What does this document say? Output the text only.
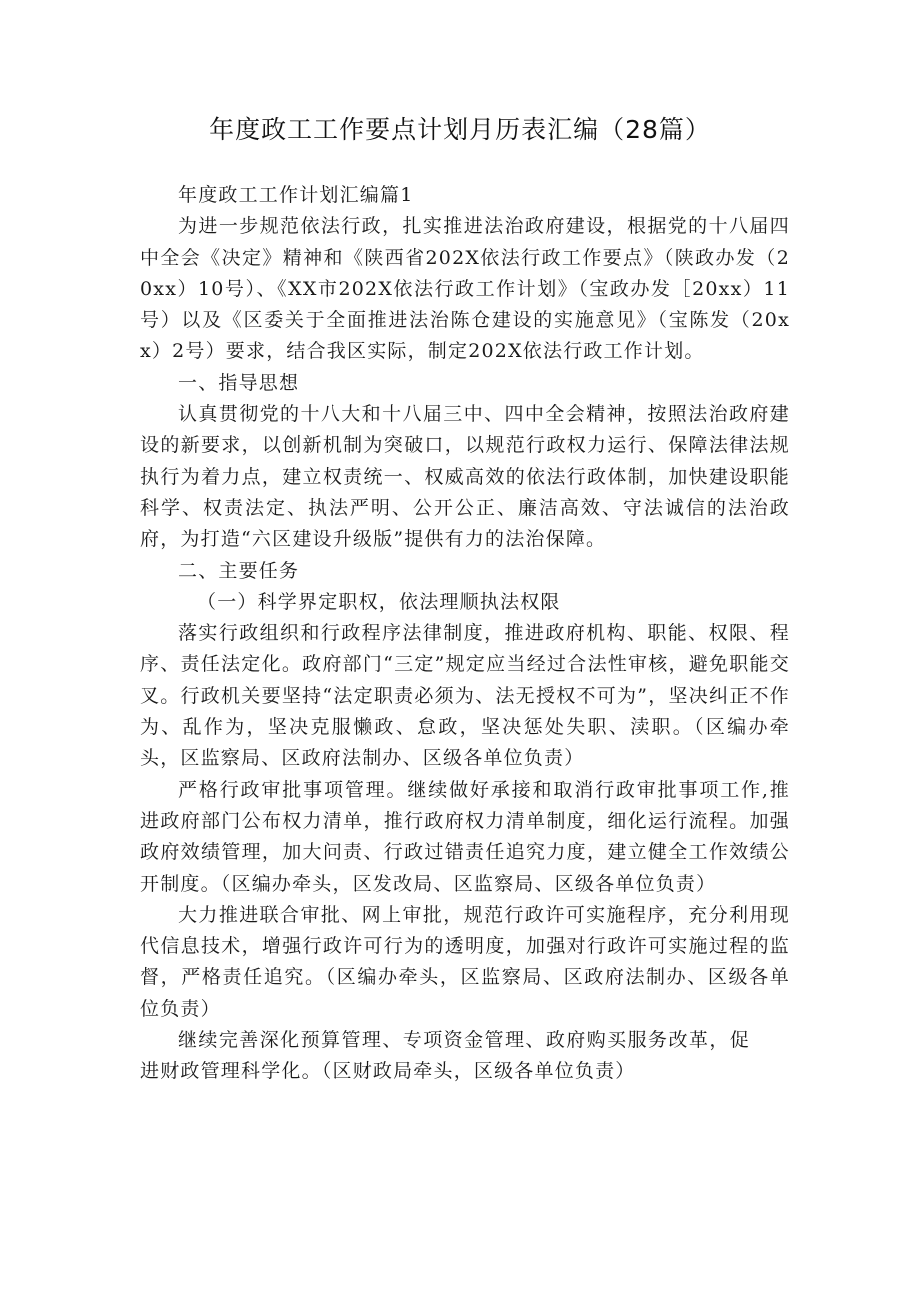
年度政工工作要点计划月历表汇编（28篇）

年度政工工作计划汇编篇1

为进一步规范依法行政，扎实推进法治政府建设，根据党的十八届四中全会《决定》精神和《陕西省202X依法行政工作要点》（陕政办发（20xx）10号）、《XX市202X依法行政工作计划》（宝政办发［20xx）11号）以及《区委关于全面推进法治陈仓建设的实施意见》（宝陈发（20xx）2号）要求，结合我区实际，制定202X依法行政工作计划。

一、指导思想

认真贯彻党的十八大和十八届三中、四中全会精神，按照法治政府建设的新要求，以创新机制为突破口，以规范行政权力运行、保障法律法规执行为着力点，建立权责统一、权威高效的依法行政体制，加快建设职能科学、权责法定、执法严明、公开公正、廉洁高效、守法诚信的法治政府，为打造“六区建设升级版”提供有力的法治保障。

二、主要任务

（一）科学界定职权，依法理顺执法权限

落实行政组织和行政程序法律制度，推进政府机构、职能、权限、程序、责任法定化。政府部门“三定”规定应当经过合法性审核，避免职能交叉。行政机关要坚持“法定职责必须为、法无授权不可为”，坚决纠正不作为、乱作为，坚决克服懒政、怠政，坚决惩处失职、渎职。（区编办牵头，区监察局、区政府法制办、区级各单位负责）

严格行政审批事项管理。继续做好承接和取消行政审批事项工作,推进政府部门公布权力清单，推行政府权力清单制度，细化运行流程。加强政府效绩管理，加大问责、行政过错责任追究力度，建立健全工作效绩公开制度。（区编办牵头，区发改局、区监察局、区级各单位负责）

大力推进联合审批、网上审批，规范行政许可实施程序，充分利用现代信息技术，增强行政许可行为的透明度，加强对行政许可实施过程的监督，严格责任追究。（区编办牵头，区监察局、区政府法制办、区级各单位负责）

继续完善深化预算管理、专项资金管理、政府购买服务改革，促进财政管理科学化。（区财政局牵头，区级各单位负责）
